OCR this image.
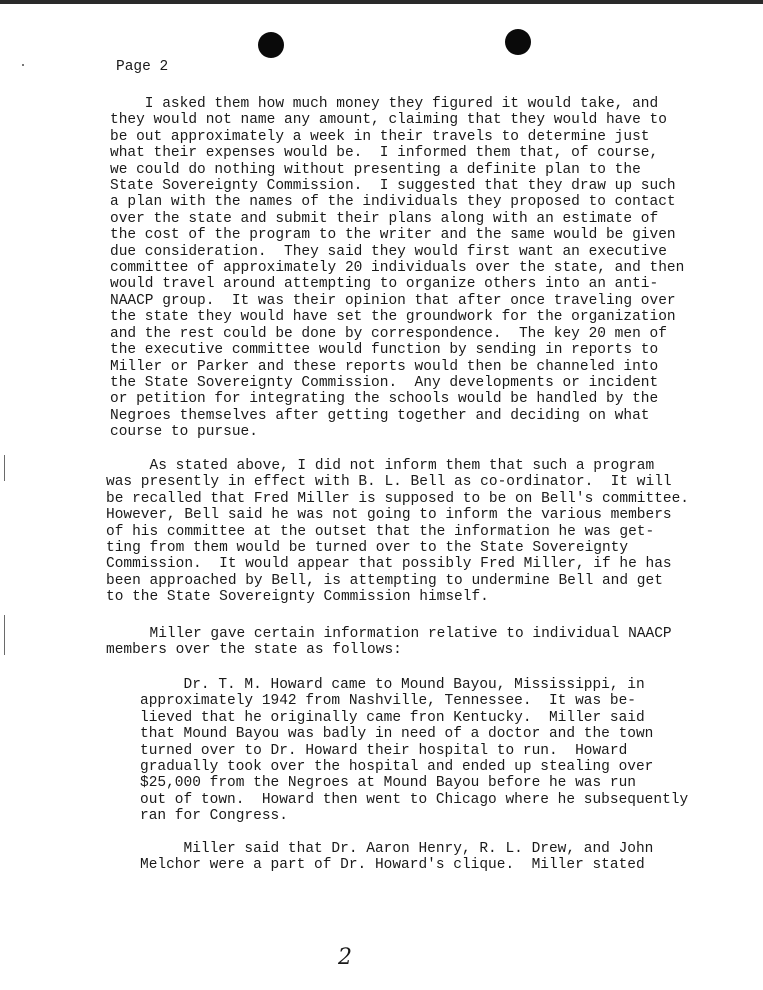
Page 2
I asked them how much money they figured it would take, and
they would not name any amount, claiming that they would have to
be out approximately a week in their travels to determine just
what their expenses would be.  I informed them that, of course,
we could do nothing without presenting a definite plan to the
State Sovereignty Commission.  I suggested that they draw up such
a plan with the names of the individuals they proposed to contact
over the state and submit their plans along with an estimate of
the cost of the program to the writer and the same would be given
due consideration.  They said they would first want an executive
committee of approximately 20 individuals over the state, and then
would travel around attempting to organize others into an anti-
NAACP group.  It was their opinion that after once traveling over
the state they would have set the groundwork for the organization
and the rest could be done by correspondence.  The key 20 men of
the executive committee would function by sending in reports to
Miller or Parker and these reports would then be channeled into
the State Sovereignty Commission.  Any developments or incident
or petition for integrating the schools would be handled by the
Negroes themselves after getting together and deciding on what
course to pursue.
As stated above, I did not inform them that such a program
was presently in effect with B. L. Bell as co-ordinator.  It will
be recalled that Fred Miller is supposed to be on Bell's committee.
However, Bell said he was not going to inform the various members
of his committee at the outset that the information he was get-
ting from them would be turned over to the State Sovereignty
Commission.  It would appear that possibly Fred Miller, if he has
been approached by Bell, is attempting to undermine Bell and get
to the State Sovereignty Commission himself.
Miller gave certain information relative to individual NAACP
members over the state as follows:
Dr. T. M. Howard came to Mound Bayou, Mississippi, in
approximately 1942 from Nashville, Tennessee.  It was be-
lieved that he originally came fron Kentucky.  Miller said
that Mound Bayou was badly in need of a doctor and the town
turned over to Dr. Howard their hospital to run.  Howard
gradually took over the hospital and ended up stealing over
$25,000 from the Negroes at Mound Bayou before he was run
out of town.  Howard then went to Chicago where he subsequently
ran for Congress.
Miller said that Dr. Aaron Henry, R. L. Drew, and John
Melchor were a part of Dr. Howard's clique.  Miller stated
2
